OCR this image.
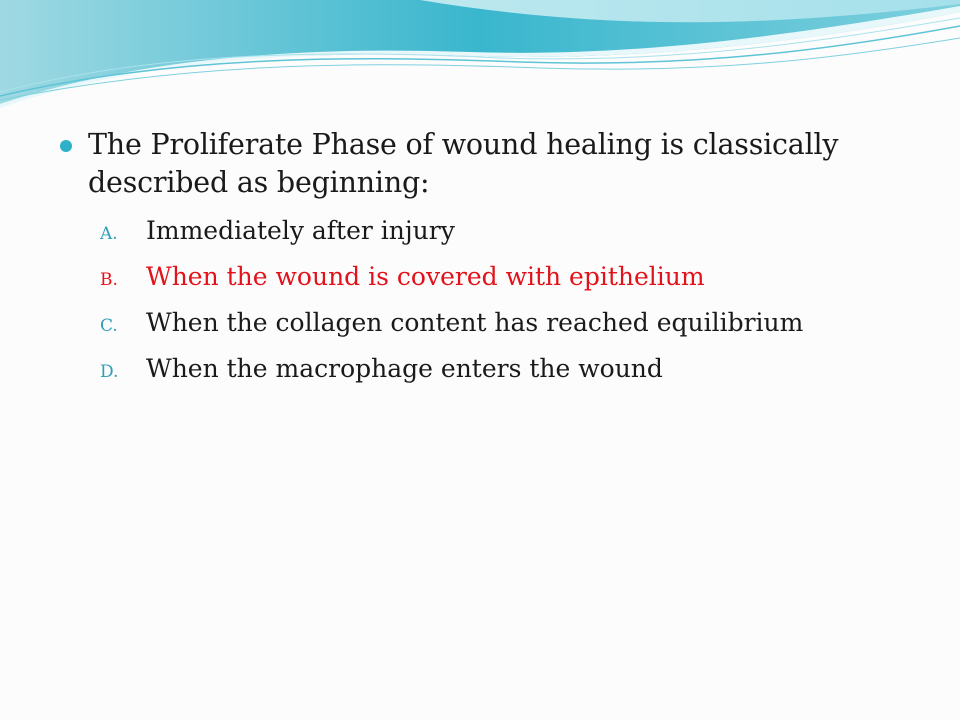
The Proliferate Phase of wound healing is classically described as beginning:
A.	Immediately after injury
B.	When the wound is covered with epithelium
C.	When the collagen content has reached equilibrium
D.	When the macrophage enters the wound
